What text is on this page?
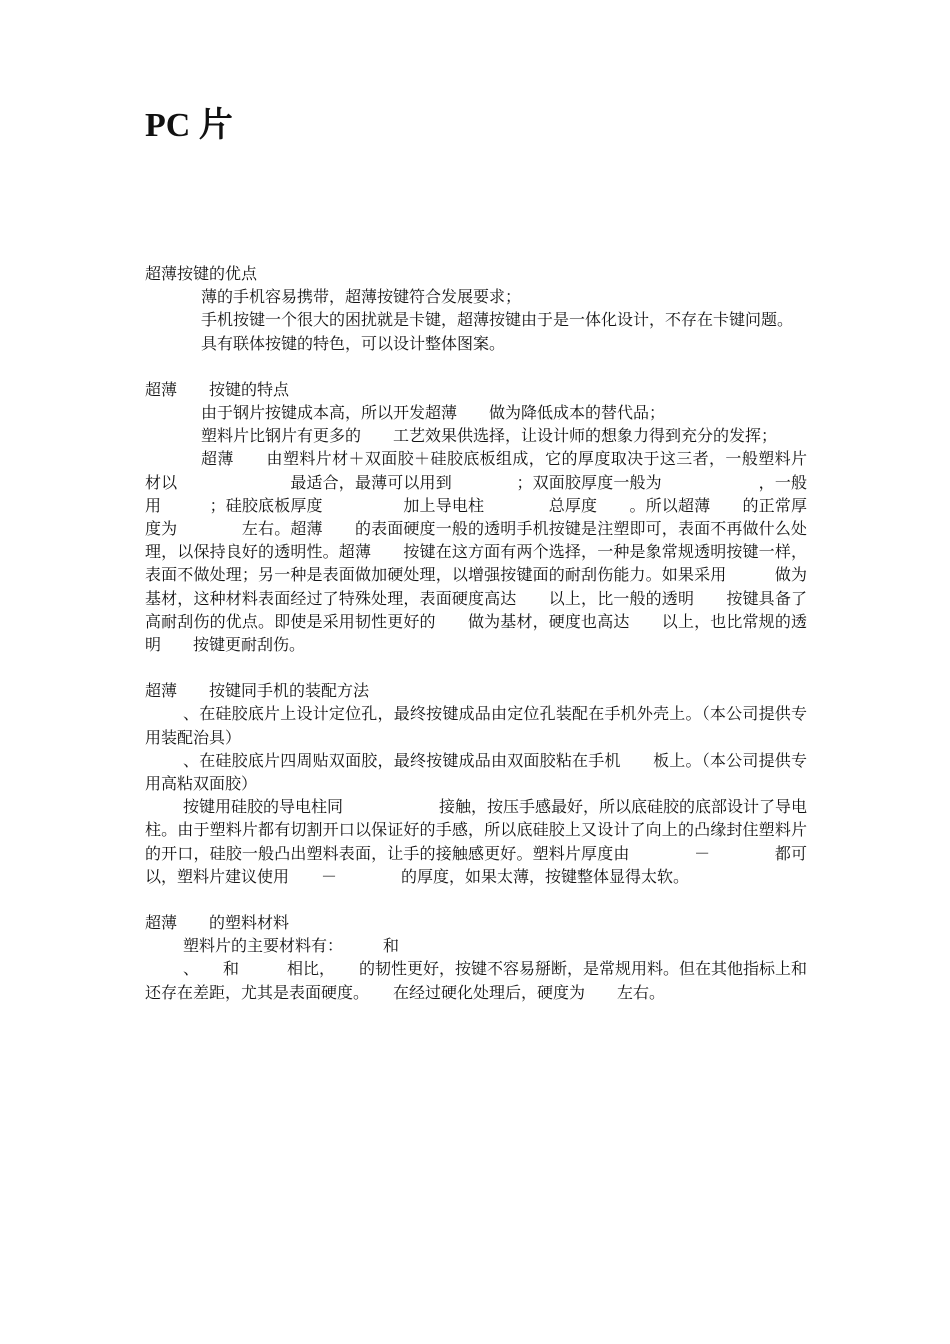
PC 片

超薄按键的优点

薄的手机容易携带，超薄按键符合发展要求；

手机按键一个很大的困扰就是卡键，超薄按键由于是一体化设计，不存在卡键问题。

具有联体按键的特色，可以设计整体图案。

超薄　　按键的特点

由于钢片按键成本高，所以开发超薄　　做为降低成本的替代品；

塑料片比钢片有更多的　　工艺效果供选择，让设计师的想象力得到充分的发挥；

超薄　　由塑料片材＋双面胶＋硅胶底板组成，它的厚度取决于这三者，一般塑料片材以　　　　　　　最适合，最薄可以用到　　　　；双面胶厚度一般为　　　　　　，一般用　　　；硅胶底板厚度　　　　　加上导电柱　　　　总厚度　　。所以超薄　　的正常厚度为　　　　左右。超薄　　的表面硬度一般的透明手机按键是注塑即可，表面不再做什么处理，以保持良好的透明性。超薄　　按键在这方面有两个选择，一种是象常规透明按键一样，表面不做处理；另一种是表面做加硬处理，以增强按键面的耐刮伤能力。如果采用　　　做为基材，这种材料表面经过了特殊处理，表面硬度高达　　以上，比一般的透明　　按键具备了高耐刮伤的优点。即使是采用韧性更好的　　做为基材，硬度也高达　　以上，也比常规的透明　　按键更耐刮伤。

超薄　　按键同手机的装配方法

、在硅胶底片上设计定位孔，最终按键成品由定位孔装配在手机外壳上。（本公司提供专用装配治具）

、在硅胶底片四周贴双面胶，最终按键成品由双面胶粘在手机　　板上。（本公司提供专用高粘双面胶）

按键用硅胶的导电柱同　　　　　　接触，按压手感最好，所以底硅胶的底部设计了导电柱。由于塑料片都有切割开口以保证好的手感，所以底硅胶上又设计了向上的凸缘封住塑料片的开口，硅胶一般凸出塑料表面，让手的接触感更好。塑料片厚度由　　　　－　　　　都可以，塑料片建议使用　　－　　　　的厚度，如果太薄，按键整体显得太软。

超薄　　的塑料材料

塑料片的主要材料有：　　　和

、　　和　　　相比，　　的韧性更好，按键不容易掰断，是常规用料。但在其他指标上和　　　还存在差距，尤其是表面硬度。　　在经过硬化处理后，硬度为　　左右。
